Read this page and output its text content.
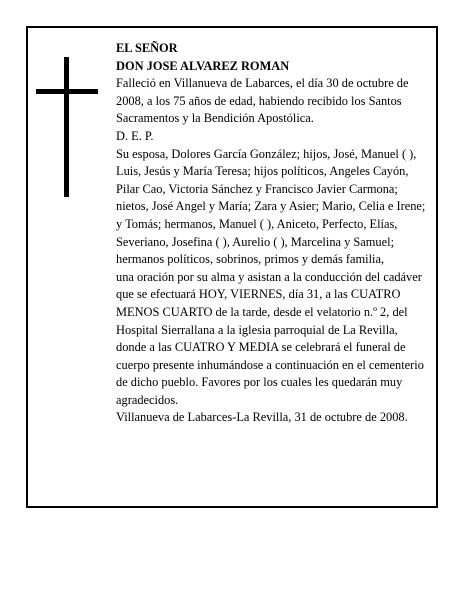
EL SEÑOR

DON JOSE ALVAREZ ROMAN

Falleció en Villanueva de Labarces, el día 30 de octubre de 2008, a los 75 años de edad, habiendo recibido los Santos Sacramentos y la Bendición Apostólica.

D. E. P.

Su esposa, Dolores García González; hijos, José, Manuel ( ), Luis, Jesús y María Teresa; hijos políticos, Angeles Cayón, Pilar Cao, Victoria Sánchez y Francisco Javier Carmona; nietos, José Angel y María; Zara y Asier; Mario, Celia e Irene; y Tomás; hermanos, Manuel ( ), Aniceto, Perfecto, Elías, Severiano, Josefina ( ), Aurelio ( ), Marcelina y Samuel; hermanos políticos, sobrinos, primos y demás familia,

una oración por su alma y asistan a la conducción del cadáver que se efectuará HOY, VIERNES, día 31, a las CUATRO MENOS CUARTO de la tarde, desde el velatorio n.º 2, del Hospital Sierrallana a la iglesia parroquial de La Revilla, donde a las CUATRO Y MEDIA se celebrará el funeral de cuerpo presente inhumándose a continuación en el cementerio de dicho pueblo. Favores por los cuales les quedarán muy agradecidos.

Villanueva de Labarces-La Revilla, 31 de octubre de 2008.
